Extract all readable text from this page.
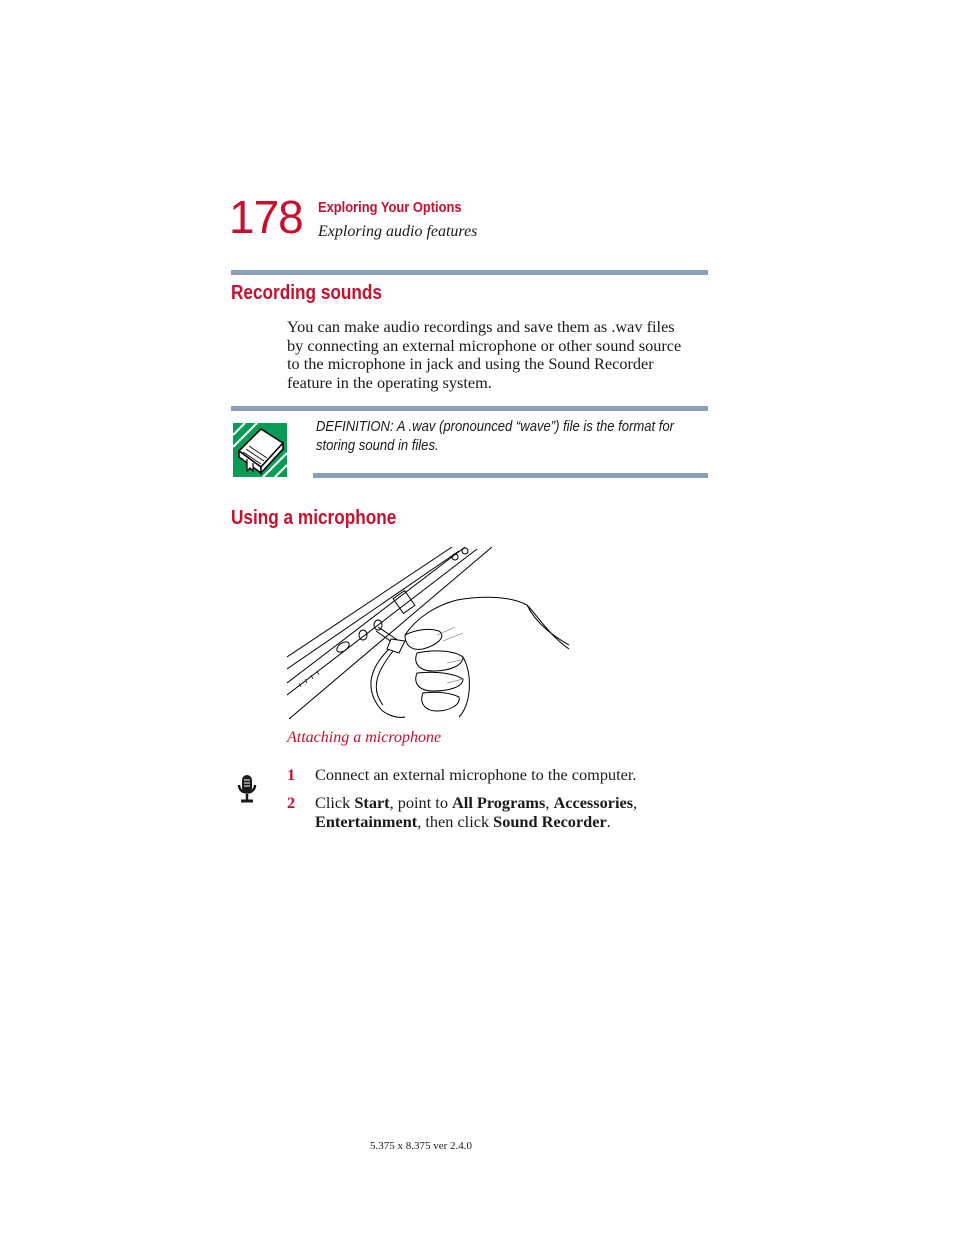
178 Exploring Your Options
Exploring audio features
Recording sounds
You can make audio recordings and save them as .wav files
by connecting an external microphone or other sound source
to the microphone in jack and using the Sound Recorder
feature in the operating system.
DEFINITION: A .wav (pronounced “wave”) file is the format for
storing sound in files.
Using a microphone
Attaching a microphone
1 Connect an external microphone to the computer.
2 Click Start, point to All Programs, Accessories,
Entertainment, then click Sound Recorder.
5.375 x 8.375 ver 2.4.0
